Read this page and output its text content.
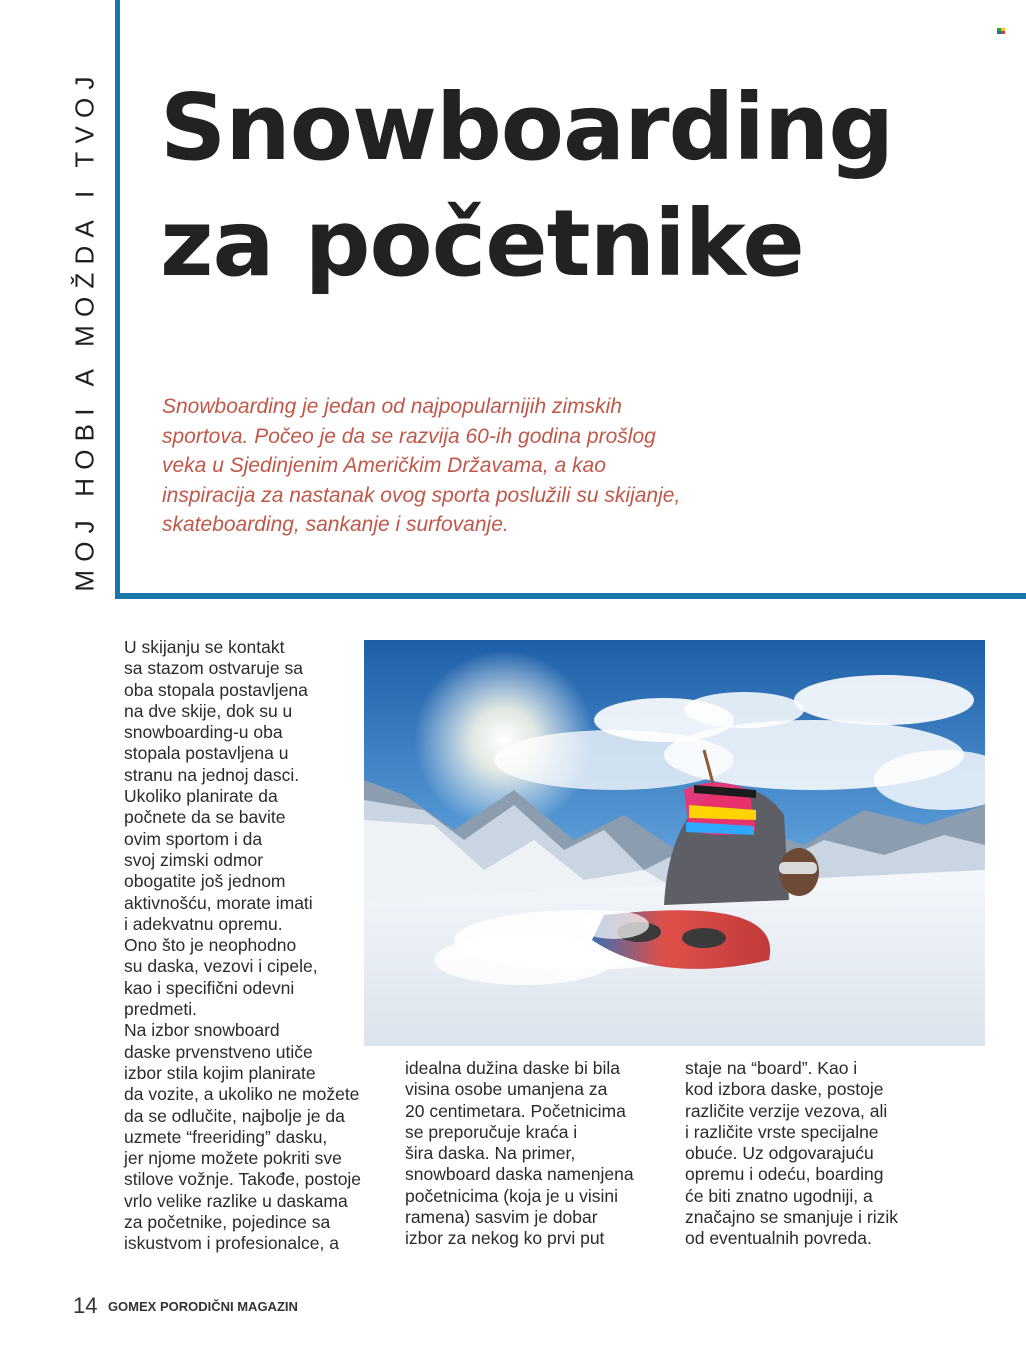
MOJ HOBI A MOŽDA I TVOJ Snowboarding
za početnike

Snowboarding je jedan od najpopularnijih zimskih
sportova. Počeo je da se razvija 60-ih godina prošlog
veka u Sjedinjenim Američkim Državama, a kao
inspiracija za nastanak ovog sporta poslužili su skijanje,
skateboarding, sankanje i surfovanje.

U skijanju se kontakt
sa stazom ostvaruje sa
oba stopala postavljena
na dve skije, dok su u
snowboarding-u oba
stopala postavljena u
stranu na jednoj dasci.
Ukoliko planirate da
počnete da se bavite
ovim sportom i da
svoj zimski odmor
obogatite još jednom
aktivnošću, morate imati
i adekvatnu opremu.
Ono što je neophodno
su daska, vezovi i cipele,
kao i specifični odevni
predmeti.
Na izbor snowboard
daske prvenstveno utiče
izbor stila kojim planirate
da vozite, a ukoliko ne možete
da se odlučite, najbolje je da
uzmete “freeriding” dasku,
jer njome možete pokriti sve
stilove vožnje. Takođe, postoje
vrlo velike razlike u daskama
za početnike, pojedince sa
iskustvom i profesionalce, a
idealna dužina daske bi bila
visina osobe umanjena za
20 centimetara. Početnicima
se preporučuje kraća i
šira daska. Na primer,
snowboard daska namenjena
početnicima (koja je u visini
ramena) sasvim je dobar
izbor za nekog ko prvi put
staje na “board”. Kao i
kod izbora daske, postoje
različite verzije vezova, ali
i različite vrste specijalne
obuće. Uz odgovarajuću
opremu i odeću, boarding
će biti znatno ugodniji, a
značajno se smanjuje i rizik
od eventualnih povreda.
14 GOMEX PORODIČNI MAGAZIN
